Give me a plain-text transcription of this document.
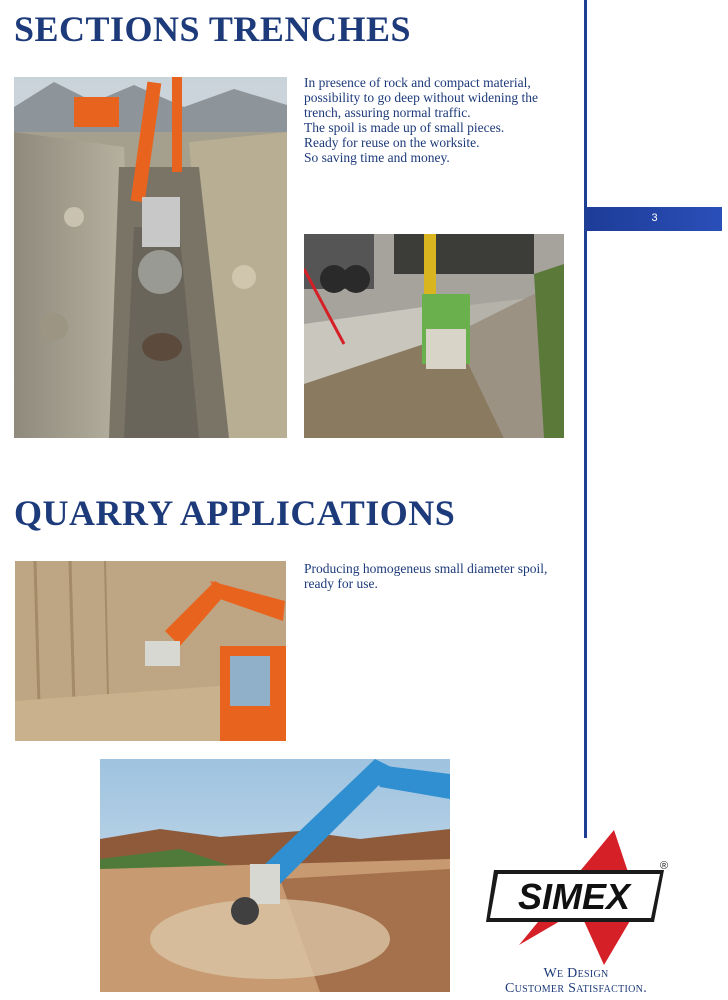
SECTIONS TRENCHES
3
In presence of rock and compact material,
possibility to go deep without widening the
trench, assuring normal traffic.
The spoil is made up of small pieces.
Ready for reuse on the worksite.
So saving time and money.
QUARRY APPLICATIONS
Producing homogeneus small diameter spoil,
ready for use.
SIMEX
®
We Design
Customer Satisfaction.
